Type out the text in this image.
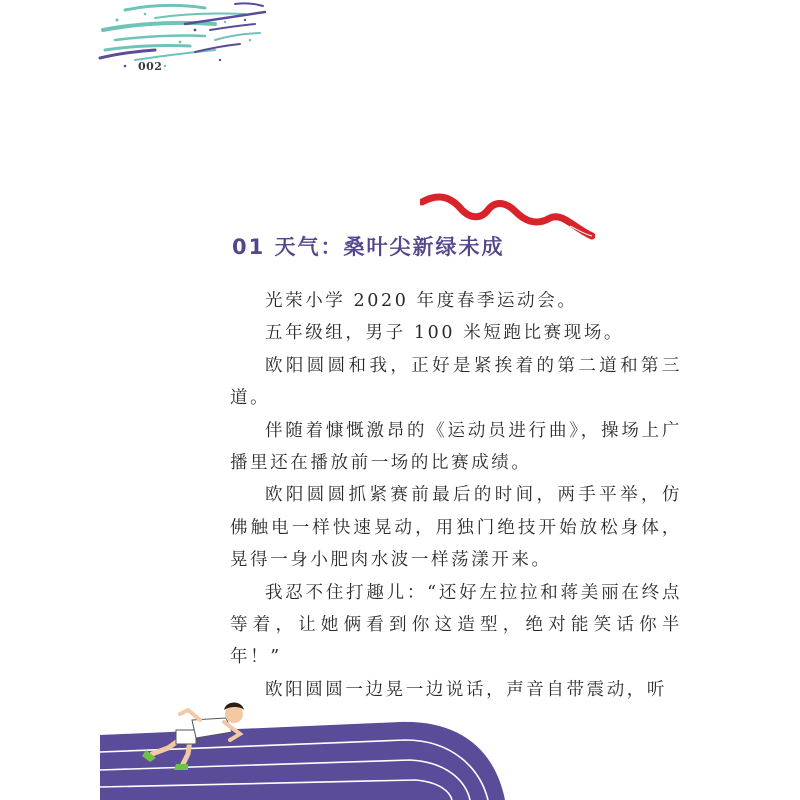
002
01 天气：桑叶尖新绿未成

光荣小学 2020 年度春季运动会。

五年级组，男子 100 米短跑比赛现场。

欧阳圆圆和我，正好是紧挨着的第二道和第三道。

伴随着慷慨激昂的《运动员进行曲》，操场上广播里还在播放前一场的比赛成绩。

欧阳圆圆抓紧赛前最后的时间，两手平举，仿佛触电一样快速晃动，用独门绝技开始放松身体，晃得一身小肥肉水波一样荡漾开来。

我忍不住打趣儿：“还好左拉拉和蒋美丽在终点等着，让她俩看到你这造型，绝对能笑话你半年！”

欧阳圆圆一边晃一边说话，声音自带震动，听
